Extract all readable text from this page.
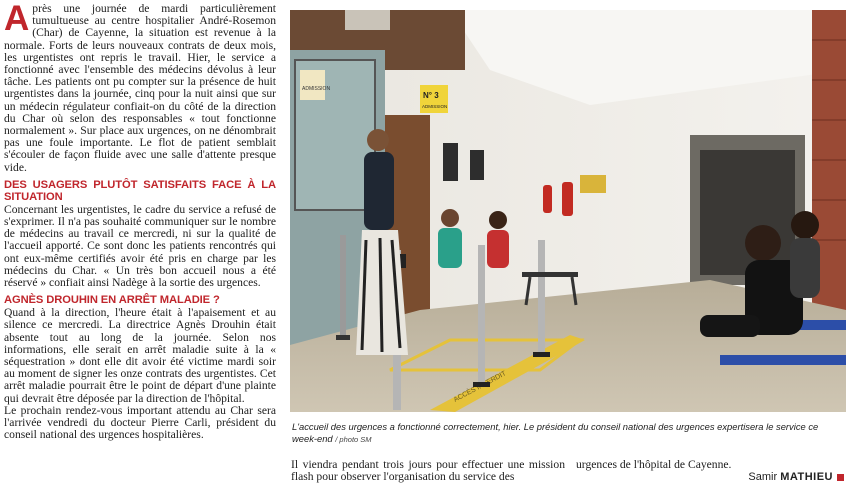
Après une journée de mardi particulièrement tumultueuse au centre hospitalier André-Rosemon (Char) de Cayenne, la situation est revenue à la normale. Forts de leurs nouveaux contrats de deux mois, les urgentistes ont repris le travail. Hier, le service a fonctionné avec l'ensemble des médecins dévolus à leur tâche. Les patients ont pu compter sur la présence de huit urgentistes dans la journée, cinq pour la nuit ainsi que sur un médecin régulateur confiait-on du côté de la direction du Char où selon des responsables « tout fonctionne normalement ». Sur place aux urgences, on ne dénombrait pas une foule importante. Le flot de patient semblait s'écouler de façon fluide avec une salle d'attente presque vide.

DES USAGERS PLUTÔT SATISFAITS FACE À LA SITUATION

Concernant les urgentistes, le cadre du service a refusé de s'exprimer. Il n'a pas souhaité communiquer sur le nombre de médecins au travail ce mercredi, ni sur la qualité de l'accueil apporté. Ce sont donc les patients rencontrés qui ont eux-même certifiés avoir été pris en charge par les médecins du Char. « Un très bon accueil nous a été réservé » confiait ainsi Nadège à la sortie des urgences.

AGNÈS DROUHIN EN ARRÊT MALADIE ?

Quand à la direction, l'heure était à l'apaisement et au silence ce mercredi. La directrice Agnès Drouhin était absente tout au long de la journée. Selon nos informations, elle serait en arrêt maladie suite à la « séquestration » dont elle dit avoir été victime mardi soir au moment de signer les onze contrats des urgentistes. Cet arrêt maladie pourrait être le point de départ d'une plainte qui devrait être déposée par la direction de l'hôpital.

Le prochain rendez-vous important attendu au Char sera l'arrivée vendredi du docteur Pierre Carli, président du conseil national des urgences hospitalières.

ADMISSION
N° 3
ADMISSION
ACCÈS INTERDIT
L'accueil des urgences a fonctionné correctement, hier. Le président du conseil national des urgences expertisera le service ce week-end / photo SM
Il viendra pendant trois jours pour effectuer une mission flash pour observer l'organisation du service des
urgences de l'hôpital de Cayenne.
Samir MATHIEU
